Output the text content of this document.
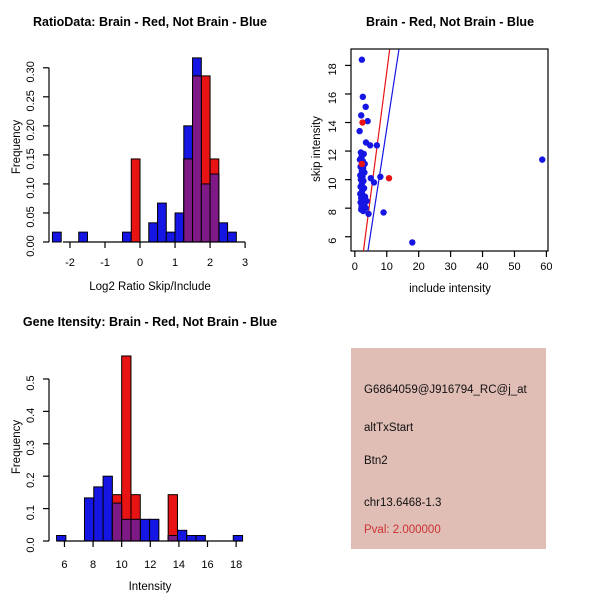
RatioData: Brain - Red, Not Brain - Blue
-2 -1 0	1	2	3
0.00
0.05
0.10
0.15
0.20
0.25
0.30
Log2 Ratio Skip/Include
Frequency
Brain - Red, Not Brain - Blue
0 10 20 30 40 50 60
6
8
10
12
14
16
18
include intensity
skip intensity
Gene Itensity: Brain - Red, Not Brain - Blue
6 8 10 12 14 16 18
0.0
0.1
0.2
0.3
0.4
0.5
Intensity
Frequency
G6864059@J916794_RC@j_at
altTxStart
Btn2
chr13.6468-1.3
Pval: 2.000000
